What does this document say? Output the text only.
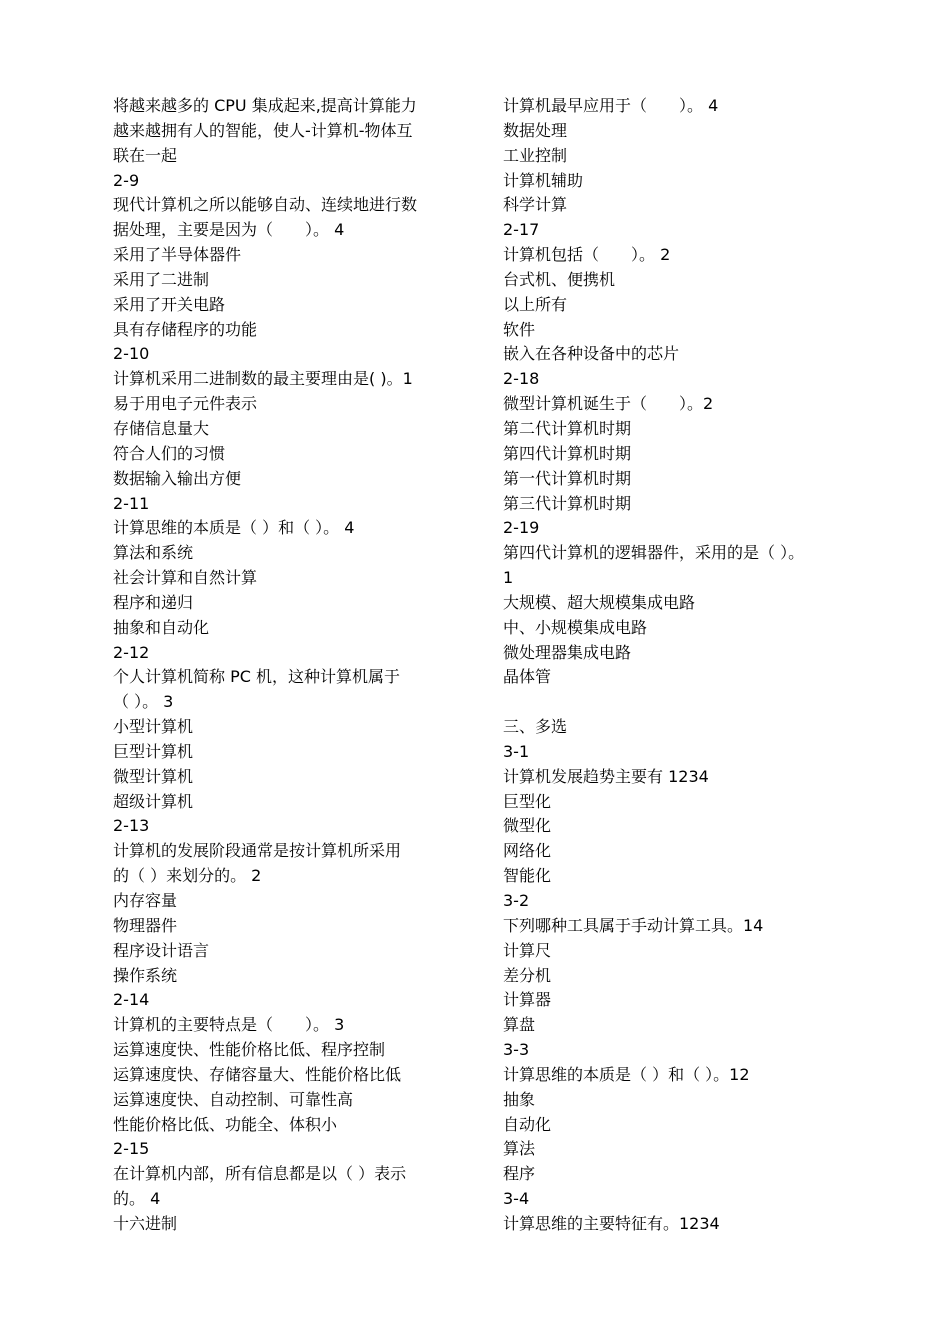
将越来越多的 CPU 集成起来,提高计算能力
越来越拥有人的智能，使人-计算机-物体互
联在一起
2-9
现代计算机之所以能够自动、连续地进行数
据处理，主要是因为（　　）。 4
采用了半导体器件
采用了二进制
采用了开关电路
具有存储程序的功能
2-10
计算机采用二进制数的最主要理由是( )。1
易于用电子元件表示
存储信息量大
符合人们的习惯
数据输入输出方便
2-11
计算思维的本质是（ ）和（ ）。 4
算法和系统
社会计算和自然计算
程序和递归
抽象和自动化
2-12
个人计算机简称 PC 机，这种计算机属于
（ ）。 3
小型计算机
巨型计算机
微型计算机
超级计算机
2-13
计算机的发展阶段通常是按计算机所采用
的（ ）来划分的。 2
内存容量
物理器件
程序设计语言
操作系统
2-14
计算机的主要特点是（　　）。 3
运算速度快、性能价格比低、程序控制
运算速度快、存储容量大、性能价格比低
运算速度快、自动控制、可靠性高
性能价格比低、功能全、体积小
2-15
在计算机内部，所有信息都是以（ ）表示
的。 4
十六进制
计算机最早应用于（　　）。 4
数据处理
工业控制
计算机辅助
科学计算
2-17
计算机包括（　　）。 2
台式机、便携机
以上所有
软件
嵌入在各种设备中的芯片
2-18
微型计算机诞生于（　　）。2
第二代计算机时期
第四代计算机时期
第一代计算机时期
第三代计算机时期
2-19
第四代计算机的逻辑器件，采用的是（ ）。
1
大规模、超大规模集成电路
中、小规模集成电路
微处理器集成电路
晶体管
三、多选
3-1
计算机发展趋势主要有 1234
巨型化
微型化
网络化
智能化
3-2
下列哪种工具属于手动计算工具。14
计算尺
差分机
计算器
算盘
3-3
计算思维的本质是（ ）和（ ）。12
抽象
自动化
算法
程序
3-4
计算思维的主要特征有。1234
